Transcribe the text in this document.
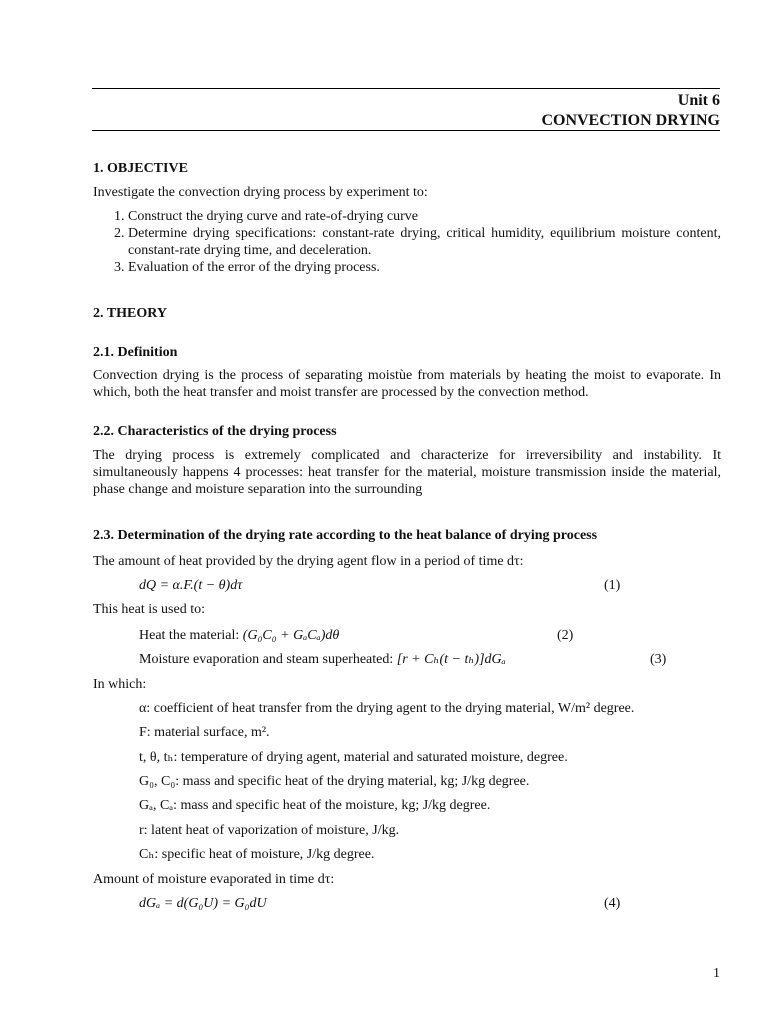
Unit 6
CONVECTION DRYING
1. OBJECTIVE
Investigate the convection drying process by experiment to:
1. Construct the drying curve and rate-of-drying curve
2. Determine drying specifications: constant-rate drying, critical humidity, equilibrium moisture content, constant-rate drying time, and deceleration.
3. Evaluation of the error of the drying process.
2. THEORY
2.1. Definition
Convection drying is the process of separating moistùe from materials by heating the moist to evaporate. In which, both the heat transfer and moist transfer are processed by the convection method.
2.2. Characteristics of the drying process
The drying process is extremely complicated and characterize for irreversibility and instability. It simultaneously happens 4 processes: heat transfer for the material, moisture transmission inside the material, phase change and moisture separation into the surrounding
2.3. Determination of the drying rate according to the heat balance of drying process
The amount of heat provided by the drying agent flow in a period of time dτ:
dQ = α.F.(t − θ)dτ	(1)
This heat is used to:
Heat the material: (G₀C₀ + GₐCₐ)dθ	(2)
Moisture evaporation and steam superheated: [r + Cₕ(t − tₕ)]dGₐ	(3)
In which:
α: coefficient of heat transfer from the drying agent to the drying material, W/m² degree.
F: material surface, m².
t, θ, tₕ: temperature of drying agent, material and saturated moisture, degree.
G₀, C₀: mass and specific heat of the drying material, kg; J/kg degree.
Gₐ, Cₐ: mass and specific heat of the moisture, kg; J/kg degree.
r: latent heat of vaporization of moisture, J/kg.
Cₕ: specific heat of moisture, J/kg degree.
Amount of moisture evaporated in time dτ:
dGₐ = d(G₀U) = G₀dU	(4)
1
